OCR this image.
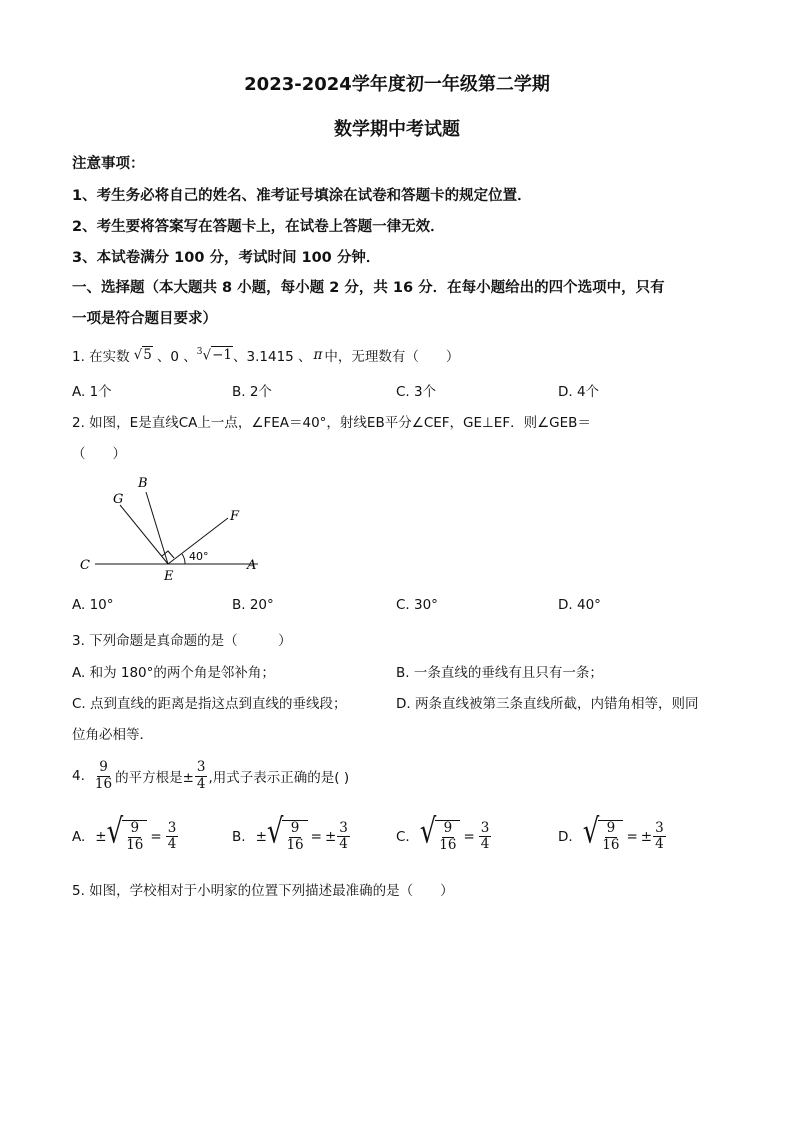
2023-2024学年度初一年级第二学期
数学期中考试题
注意事项：
1、考生务必将自己的姓名、准考证号填涂在试卷和答题卡的规定位置．
2、考生要将答案写在答题卡上，在试卷上答题一律无效．
3、本试卷满分 100 分，考试时间 100 分钟．
一、选择题（本大题共 8 小题，每小题 2 分，共 16 分．在每小题给出的四个选项中，只有
一项是符合题目要求）
1. 在实数 √5 、0 、 $^3$√−1 、3.1415 、 π 中，无理数有（　　）
A. 1个	B. 2个	C. 3个	D. 4个
2. 如图，E是直线CA上一点，∠FEA＝40°，射线EB平分∠CEF，GE⊥EF．则∠GEB＝
（　　）
G
B
F
C
E
A
40°
A. 10°	B. 20°	C. 30°	D. 40°
3. 下列命题是真命题的是（　　　）
A. 和为 180°的两个角是邻补角；	B. 一条直线的垂线有且只有一条；
C. 点到直线的距离是指这点到直线的垂线段；	D. 两条直线被第三条直线所截，内错角相等，则同
位角必相等．
4. $\frac{9}{16}$ 的平方根是± $\frac{3}{4}$ ,用式子表示正确的是( )
A. ± √ $\frac{9}{16} = \frac{3}{4}$	B. ± √ $\frac{9}{16}$ = ± $\frac{3}{4}$	C. √ $\frac{9}{16} = \frac{3}{4}$	D. √ $\frac{9}{16}$ = ± $\frac{3}{4}$
5. 如图，学校相对于小明家的位置下列描述最准确的是（　　）
